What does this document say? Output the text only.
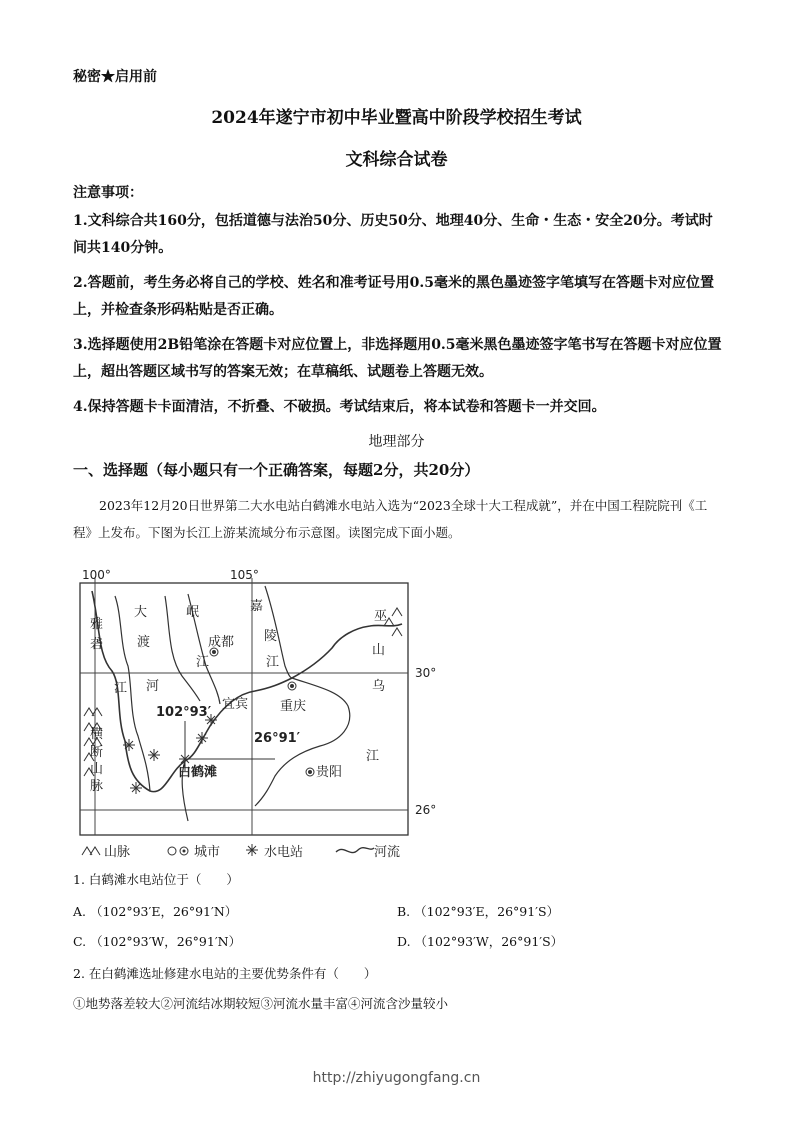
秘密★启用前
2024年遂宁市初中毕业暨高中阶段学校招生考试
文科综合试卷
注意事项：
1.文科综合共160分，包括道德与法治50分、历史50分、地理40分、生命・生态・安全20分。考试时间共140分钟。
2.答题前，考生务必将自己的学校、姓名和准考证号用0.5毫米的黑色墨迹签字笔填写在答题卡对应位置上，并检查条形码粘贴是否正确。
3.选择题使用2B铅笔涂在答题卡对应位置上，非选择题用0.5毫米黑色墨迹签字笔书写在答题卡对应位置上，超出答题区域书写的答案无效；在草稿纸、试题卷上答题无效。
4.保持答题卡卡面清洁，不折叠、不破损。考试结束后，将本试卷和答题卡一并交回。
地理部分
一、选择题（每小题只有一个正确答案，每题2分，共20分）
2023年12月20日世界第二大水电站白鹤滩水电站入选为“2023全球十大工程成就”，并在中国工程院院刊《工程》上发布。下图为长江上游某流域分布示意图。读图完成下面小题。
100°	105°
30°
26°
雅
砻
江
大
渡
河
岷
江
嘉
陵
江
乌
江
横
断
山
脉
巫
山
成都
宜宾 重庆
贵阳
102°93′
26°91′
白鹤滩
山脉	城市	水电站	河流
1. 白鹤滩水电站位于（　　）
A. （102°93′E，26°91′N）	B. （102°93′E，26°91′S）
C. （102°93′W，26°91′N）	D. （102°93′W，26°91′S）
2. 在白鹤滩选址修建水电站的主要优势条件有（　　）
①地势落差较大②河流结冰期较短③河流水量丰富④河流含沙量较小
http://zhiyugongfang.cn
